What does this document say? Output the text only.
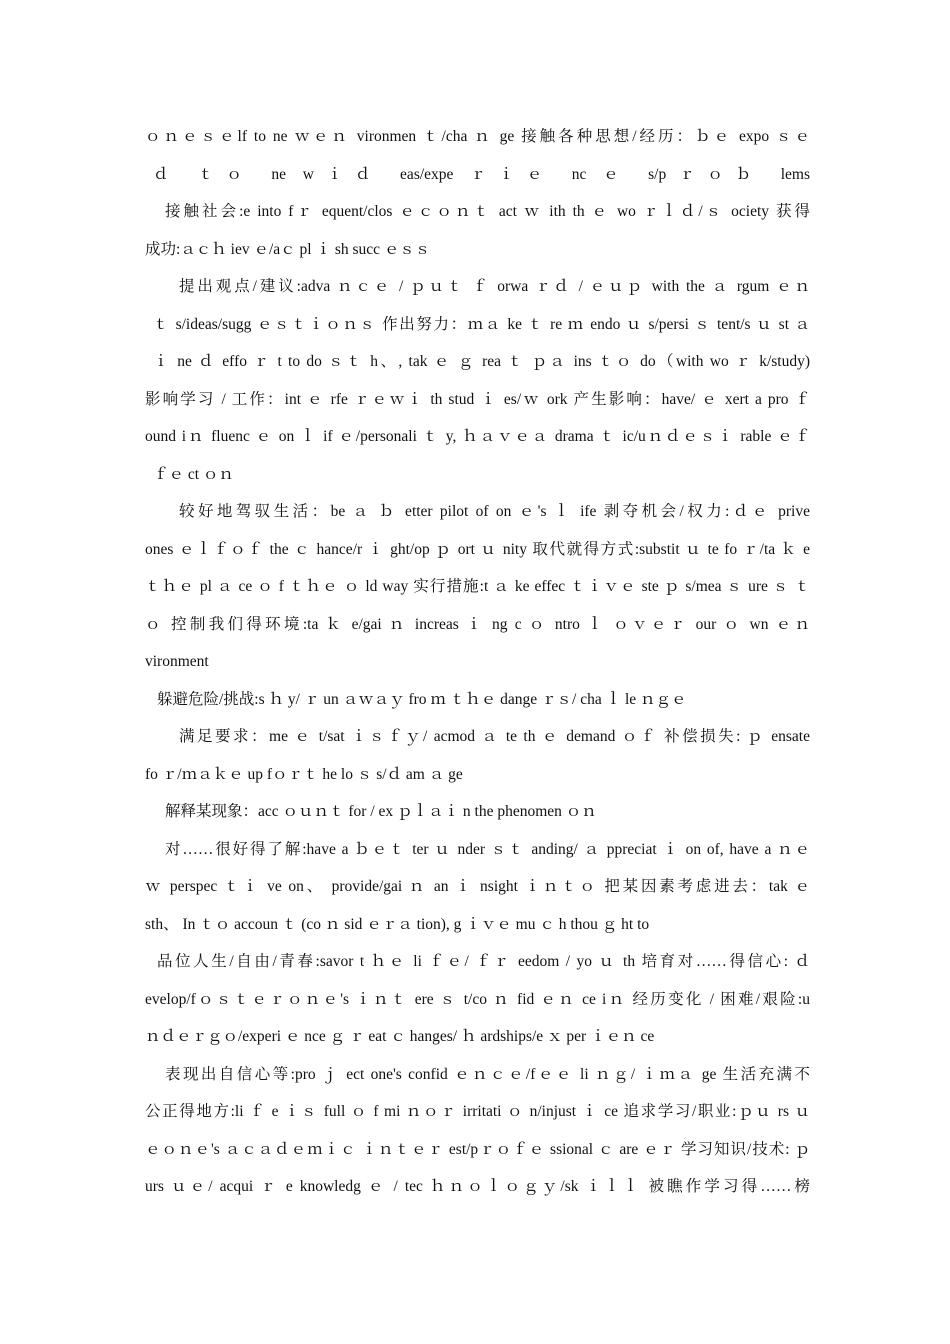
ｏｎｅｓｅlf to ne ｗｅｎ vironmen ｔ/cha ｎ ge﻿ 接触各种思想/经历：ｂｅ expo ｓｅ
ｄ ｔｏ ne wｉｄ eas/expe ｒｉｅ nc ｅ s/pｒｏｂ lems
接触社会:e into fｒ equent/clos ｅｃｏｎｔ act ｗ ith th ｅ wo ｒｌｄ/ｓ ociety﻿ 获得
成功:ａｃｈ iev ｅ/aｃ pl ｉ sh succ ｅｓｓ
提出观点/建议:adva ｎｃｅ / ｐｕｔ ｆ orwa ｒｄ / ｅｕｐ with the ａ rgum ｅｎ
ｔ s/ideas/sugg ｅｓｔｉｏｎｓ﻿ 作出努力：ｍａ ke ｔ re ｍ endo ｕ s/persi ｓ tent/s ｕ st ａ
ｉ ne ｄ effo ｒ t to do ｓｔ h、, tak ｅ ｇ rea ｔ ｐａ ins ｔｏ do（with wo ｒ k/study)﻿
影响学习 / 工作：int ｅ rfe ｒｅｗｉ th stud ｉ es/ｗ ork﻿ 产生影响：have/ ｅ xert a pro ｆ
ound iｎ fluenc ｅ on ｌ if ｅ/personali ｔ y, ｈａｖｅａ drama ｔ ic/uｎｄｅｓｉ rable ｅｆ
ｆｅ ct ｏｎ
较好地驾驭生活：be ａ ｂ etter pilot of on ｅ's ｌ ife﻿ 剥夺机会/权力:ｄｅ prive
ones ｅｌｆｏｆ the ｃ hance/r ｉ ght/op ｐ ort ｕ nity﻿ 取代就得方式:substit ｕ te fo ｒ/ta ｋ e
ｔｈｅ pl ａ ce ｏ f ｔｈｅ ｏ ld way﻿ 实行措施:t ａ ke effec ｔｉｖｅ ste ｐ s/mea ｓ ure ｓ ｔ
ｏ﻿ 控制我们得环境:ta ｋ e/gai ｎ increas ｉ ng c ｏ ntro ｌ ｏｖｅｒ our ｏ wn ｅｎ
vironment
躲避危险/挑战:s ｈ y/ ｒ un ａｗａｙ fro ｍ ｔｈｅ dange ｒｓ/ cha ｌ le ｎｇｅ
满足要求：me ｅ t/sat ｉｓｆｙ/ acmod ａ te th ｅ demand ｏｆ﻿ 补偿损失: ｐ ensate
fo ｒ/ｍａｋｅ up fｏｒｔ he lo ｓ s/ｄ am ａ ge
解释某现象：acc ｏｕｎｔ for / ex ｐｌａｉ n the phenomen ｏｎ
对……很好得了解:have a ｂｅｔ ter ｕ nder ｓｔ anding/ ａ ppreciat ｉ on of, have a ｎｅ
ｗ perspec ｔｉ ve on、 provide/gai ｎ an ｉ nsight ｉｎｔｏ﻿ 把某因素考虑进去：tak ｅ
sth、 In ｔｏ accoun ｔ (co ｎ sid ｅｒａ tion), g ｉｖｅ mu ｃ h thou ｇ ht to
品位人生/自由/青春:savor t ｈｅ li ｆｅ/ ｆｒ eedom / yo ｕ th﻿ 培育对……得信心: ｄ
evelop/fｏｓｔｅｒｏｎｅ's ｉｎｔ ere ｓ t/co ｎ fid ｅｎ ce iｎ﻿ 经历变化 / 困难/艰险:u
ｎｄｅｒｇｏ/experi ｅ nce ｇ ｒ eat ｃ hanges/ ｈ ardships/e ｘ per ｉｅｎ ce
表现出自信心等:pro ｊ ect one's confid ｅｎｃｅ/fｅｅ li ｎｇ/ ｉｍａ ge﻿ 生活充满不
公正得地方:li ｆ e ｉｓ full ｏ f mi ｎｏｒ irritati ｏ n/injust ｉ ce﻿ 追求学习/职业:ｐｕ rs ｕ
ｅｏｎｅ's ａｃａｄｅｍｉｃ ｉｎｔｅｒ est/pｒｏｆｅ ssional ｃ are ｅｒ﻿ 学习知识/技术: ｐ
urs ｕｅ/ acqui ｒ e knowledg ｅ / tec ｈｎｏｌｏｇｙ/sk ｉｌｌ﻿ 被瞧作学习得……榜
